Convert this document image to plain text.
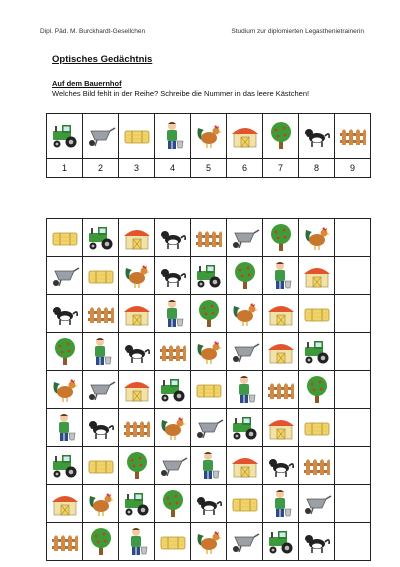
Dipl. Päd. M. Burckhardt-Gesellchen	Studium zur diplomierten Legasthenietrainerin
Optisches Gedächtnis
Auf dem Bauernhof
Welches Bild fehlt in der Reihe? Schreibe die Nummer in das leere Kästchen!

1	2	3	4	5	6	7	8	9
